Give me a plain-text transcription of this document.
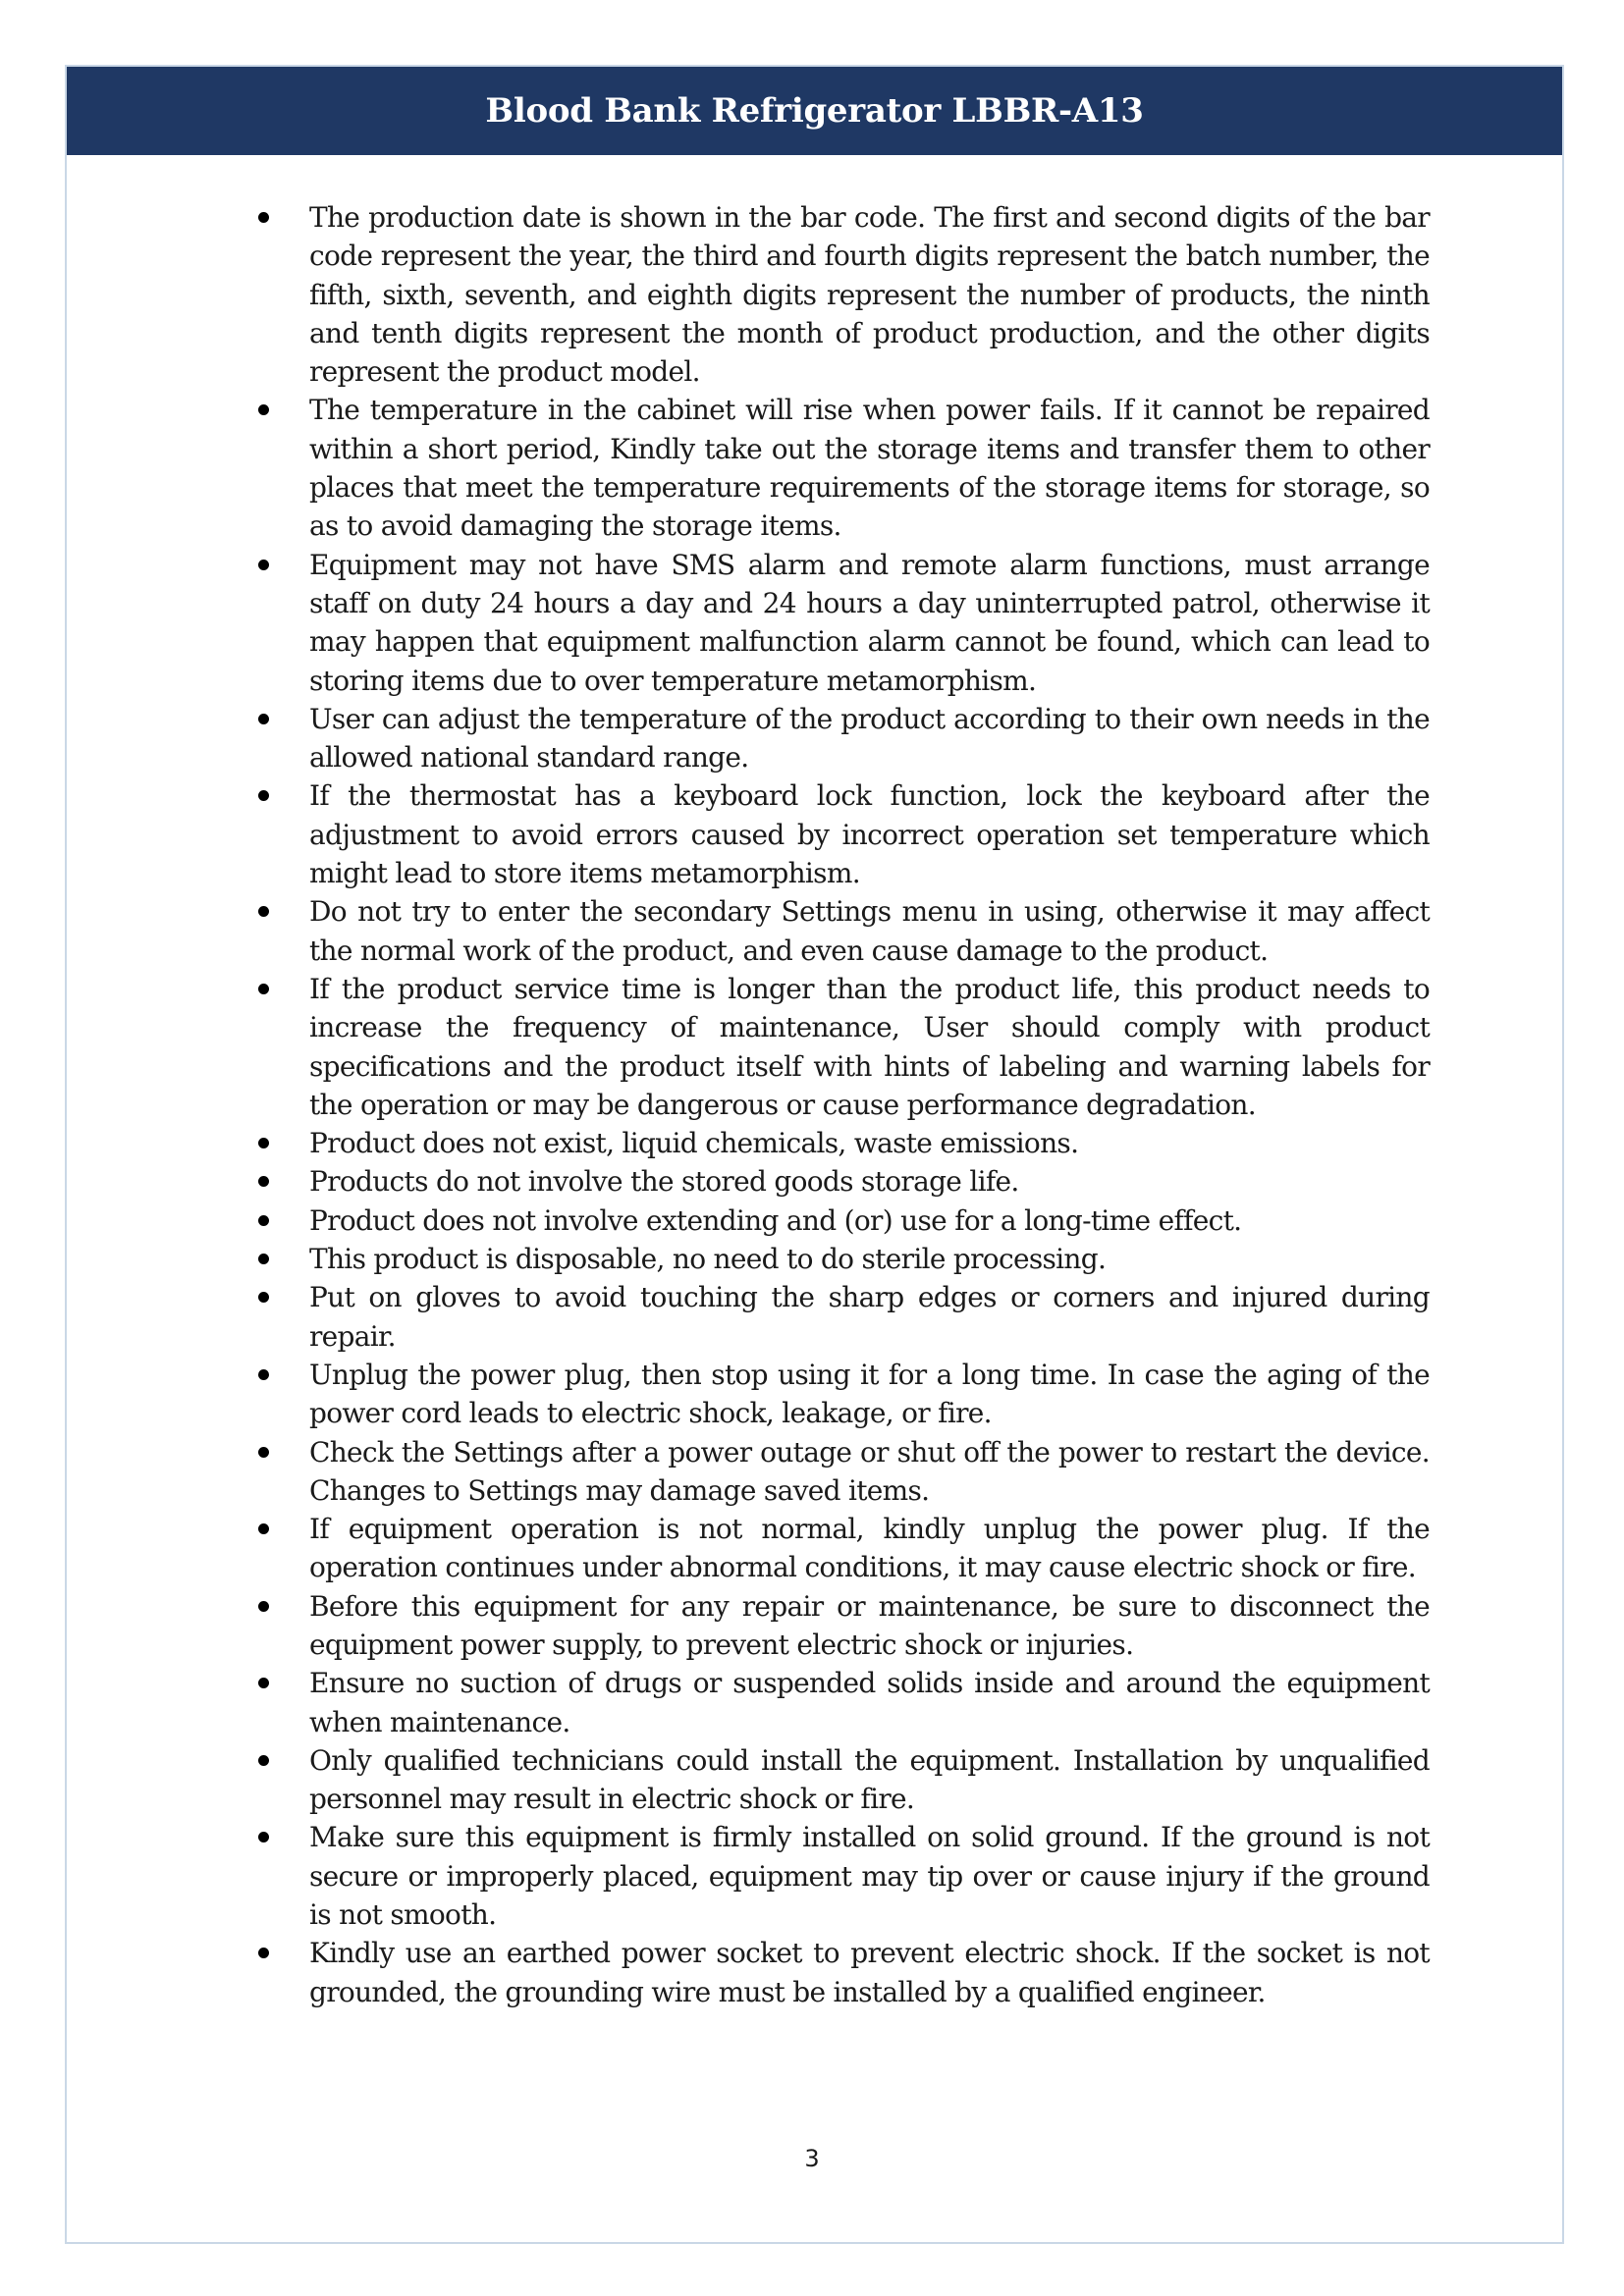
Blood Bank Refrigerator LBBR-A13
The production date is shown in the bar code. The first and second digits of the bar code represent the year, the third and fourth digits represent the batch number, the fifth, sixth, seventh, and eighth digits represent the number of products, the ninth and tenth digits represent the month of product production, and the other digits represent the product model.
The temperature in the cabinet will rise when power fails. If it cannot be repaired within a short period, Kindly take out the storage items and transfer them to other places that meet the temperature requirements of the storage items for storage, so as to avoid damaging the storage items.
Equipment may not have SMS alarm and remote alarm functions, must arrange staff on duty 24 hours a day and 24 hours a day uninterrupted patrol, otherwise it may happen that equipment malfunction alarm cannot be found, which can lead to storing items due to over temperature metamorphism.
User can adjust the temperature of the product according to their own needs in the allowed national standard range.
If the thermostat has a keyboard lock function, lock the keyboard after the adjustment to avoid errors caused by incorrect operation set temperature which might lead to store items metamorphism.
Do not try to enter the secondary Settings menu in using, otherwise it may affect the normal work of the product, and even cause damage to the product.
If the product service time is longer than the product life, this product needs to increase the frequency of maintenance, User should comply with product specifications and the product itself with hints of labeling and warning labels for the operation or may be dangerous or cause performance degradation.
Product does not exist, liquid chemicals, waste emissions.
Products do not involve the stored goods storage life.
Product does not involve extending and (or) use for a long-time effect.
This product is disposable, no need to do sterile processing.
Put on gloves to avoid touching the sharp edges or corners and injured during repair.
Unplug the power plug, then stop using it for a long time. In case the aging of the power cord leads to electric shock, leakage, or fire.
Check the Settings after a power outage or shut off the power to restart the device. Changes to Settings may damage saved items.
If equipment operation is not normal, kindly unplug the power plug. If the operation continues under abnormal conditions, it may cause electric shock or fire.
Before this equipment for any repair or maintenance, be sure to disconnect the equipment power supply, to prevent electric shock or injuries.
Ensure no suction of drugs or suspended solids inside and around the equipment when maintenance.
Only qualified technicians could install the equipment. Installation by unqualified personnel may result in electric shock or fire.
Make sure this equipment is firmly installed on solid ground. If the ground is not secure or improperly placed, equipment may tip over or cause injury if the ground is not smooth.
Kindly use an earthed power socket to prevent electric shock. If the socket is not grounded, the grounding wire must be installed by a qualified engineer.
3
